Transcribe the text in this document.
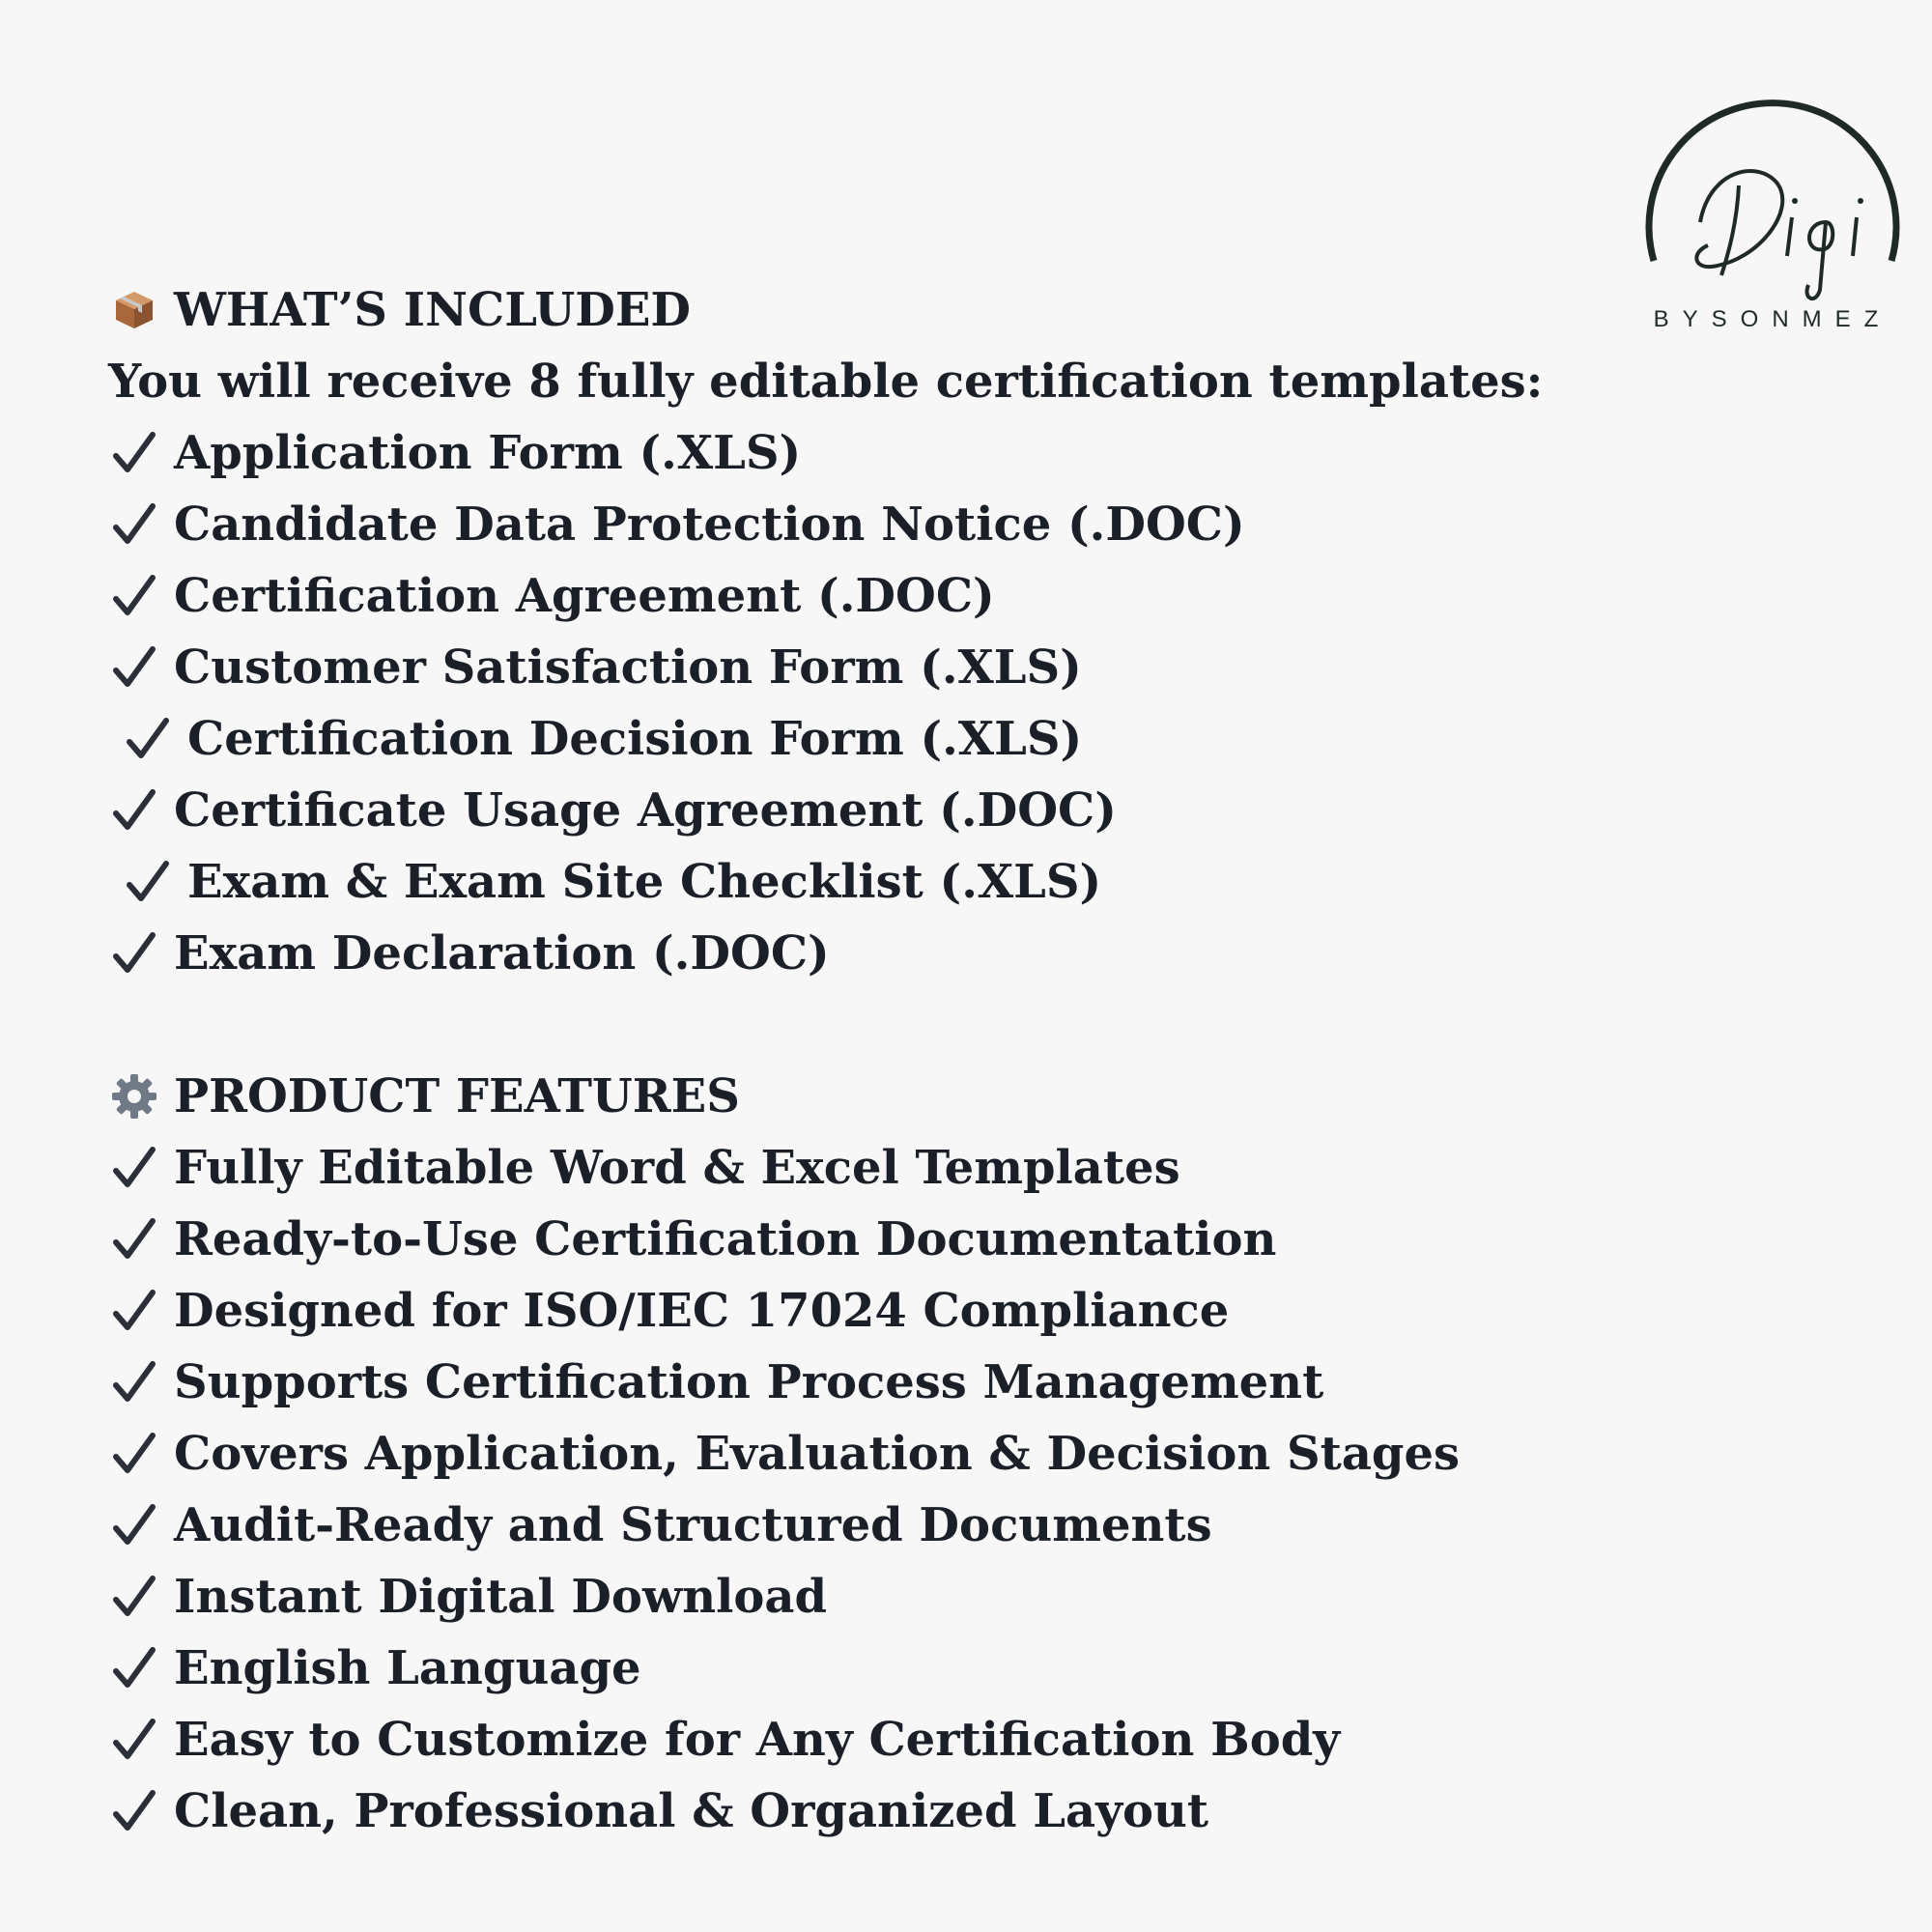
BYSONMEZ
WHAT’S INCLUDED
You will receive 8 fully editable certification templates:
Application Form (.XLS)
Candidate Data Protection Notice (.DOC)
Certification Agreement (.DOC)
Customer Satisfaction Form (.XLS)
Certification Decision Form (.XLS)
Certificate Usage Agreement (.DOC)
Exam & Exam Site Checklist (.XLS)
Exam Declaration (.DOC)
PRODUCT FEATURES
Fully Editable Word & Excel Templates
Ready-to-Use Certification Documentation
Designed for ISO/IEC 17024 Compliance
Supports Certification Process Management
Covers Application, Evaluation & Decision Stages
Audit-Ready and Structured Documents
Instant Digital Download
English Language
Easy to Customize for Any Certification Body
Clean, Professional & Organized Layout
